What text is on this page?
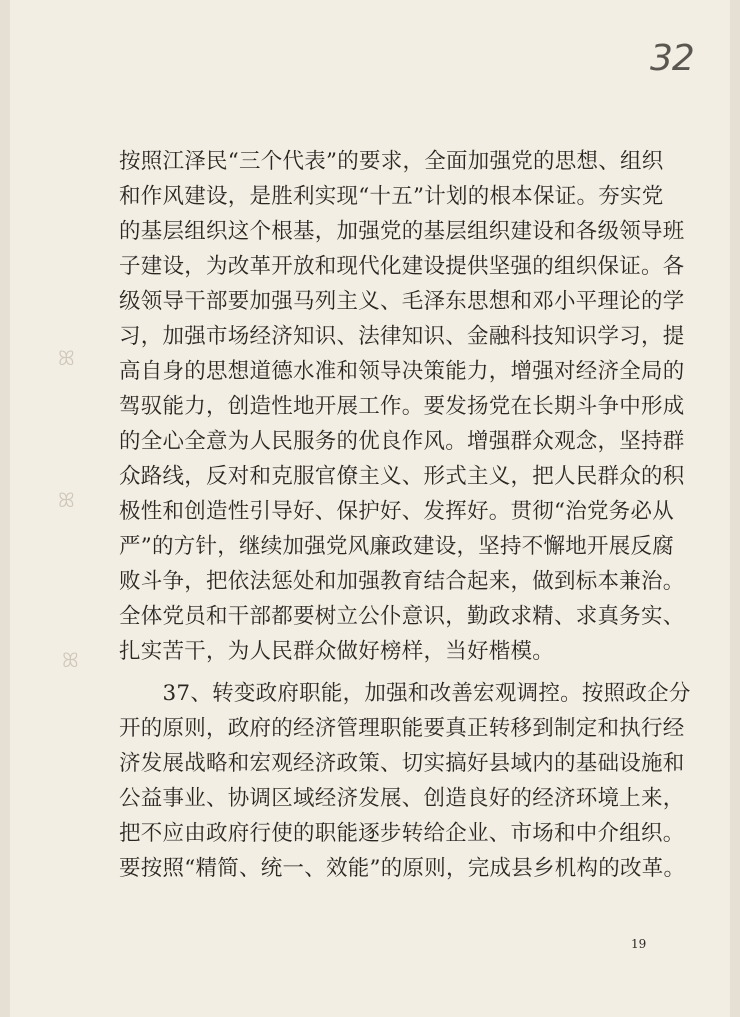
32
ꕤ
ꕤ
ꕤ
按照江泽民“三个代表”的要求，全面加强党的思想、组织
和作风建设，是胜利实现“十五”计划的根本保证。夯实党
的基层组织这个根基，加强党的基层组织建设和各级领导班
子建设，为改革开放和现代化建设提供坚强的组织保证。各
级领导干部要加强马列主义、毛泽东思想和邓小平理论的学
习，加强市场经济知识、法律知识、金融科技知识学习，提
高自身的思想道德水准和领导决策能力，增强对经济全局的
驾驭能力，创造性地开展工作。要发扬党在长期斗争中形成
的全心全意为人民服务的优良作风。增强群众观念，坚持群
众路线，反对和克服官僚主义、形式主义，把人民群众的积
极性和创造性引导好、保护好、发挥好。贯彻“治党务必从
严”的方针，继续加强党风廉政建设，坚持不懈地开展反腐
败斗争，把依法惩处和加强教育结合起来，做到标本兼治。
全体党员和干部都要树立公仆意识，勤政求精、求真务实、
扎实苦干，为人民群众做好榜样，当好楷模。
　　37、转变政府职能，加强和改善宏观调控。按照政企分
开的原则，政府的经济管理职能要真正转移到制定和执行经
济发展战略和宏观经济政策、切实搞好县域内的基础设施和
公益事业、协调区域经济发展、创造良好的经济环境上来，
把不应由政府行使的职能逐步转给企业、市场和中介组织。
要按照“精简、统一、效能”的原则，完成县乡机构的改革。
19
